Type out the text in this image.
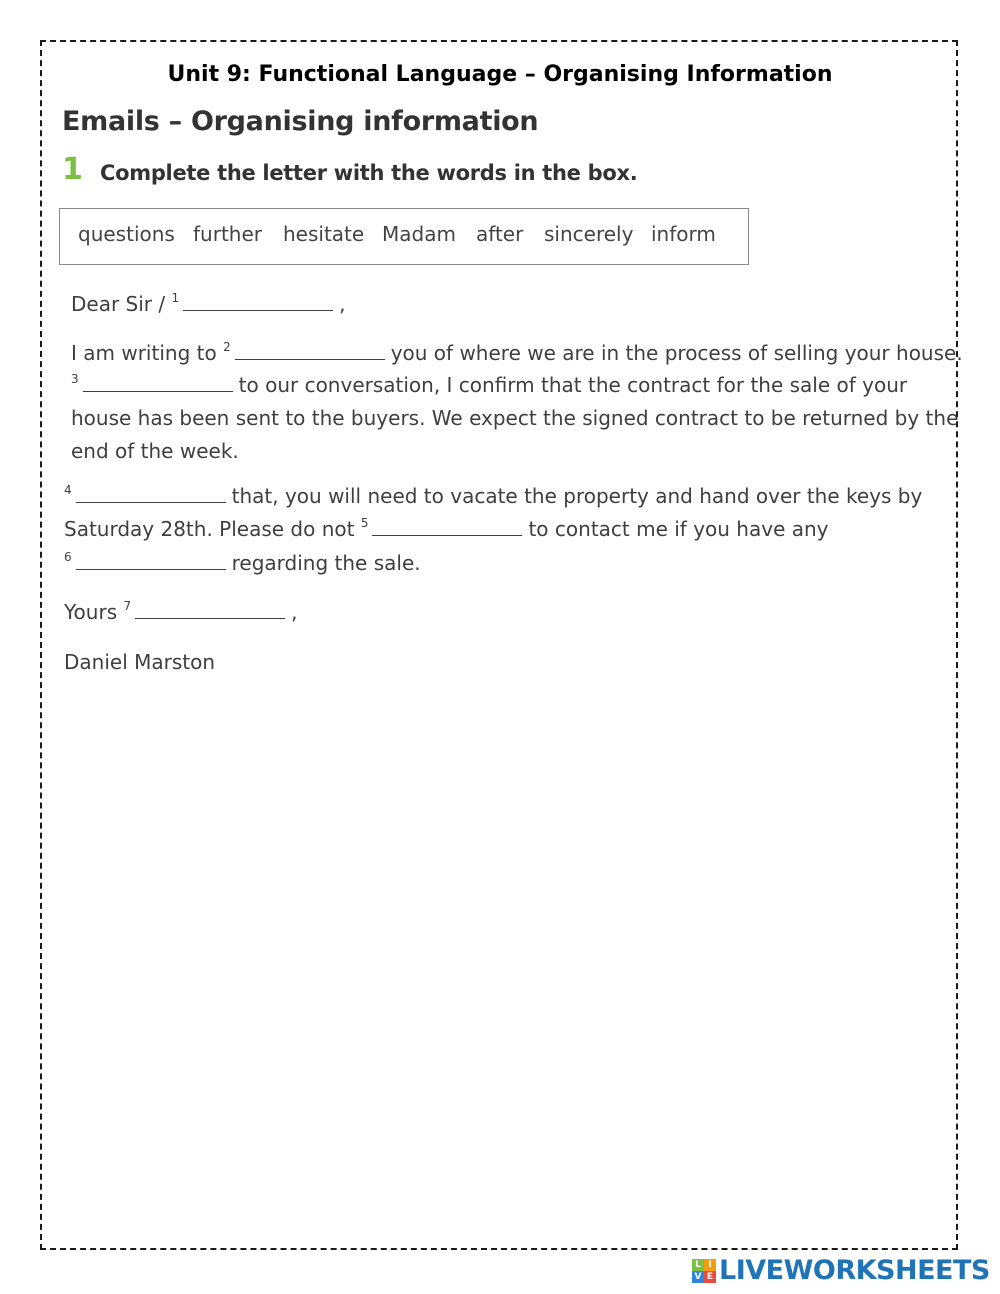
Unit 9: Functional Language – Organising Information
Emails – Organising information
1 Complete the letter with the words in the box.
questions further hesitate Madam after sincerely inform
Dear Sir / $^1$	,
I am writing to $^2$	you of where we are in the process of selling your house.
$^3$	to our conversation, I confirm that the contract for the sale of your
house has been sent to the buyers. We expect the signed contract to be returned by the
end of the week.
$^4$	that, you will need to vacate the property and hand over the keys by
Saturday 28th. Please do not $^5$	to contact me if you have any
$^6$	regarding the sale.
Yours $^7$	,
Daniel Marston
L I
V E LIVEWORKSHEETS
